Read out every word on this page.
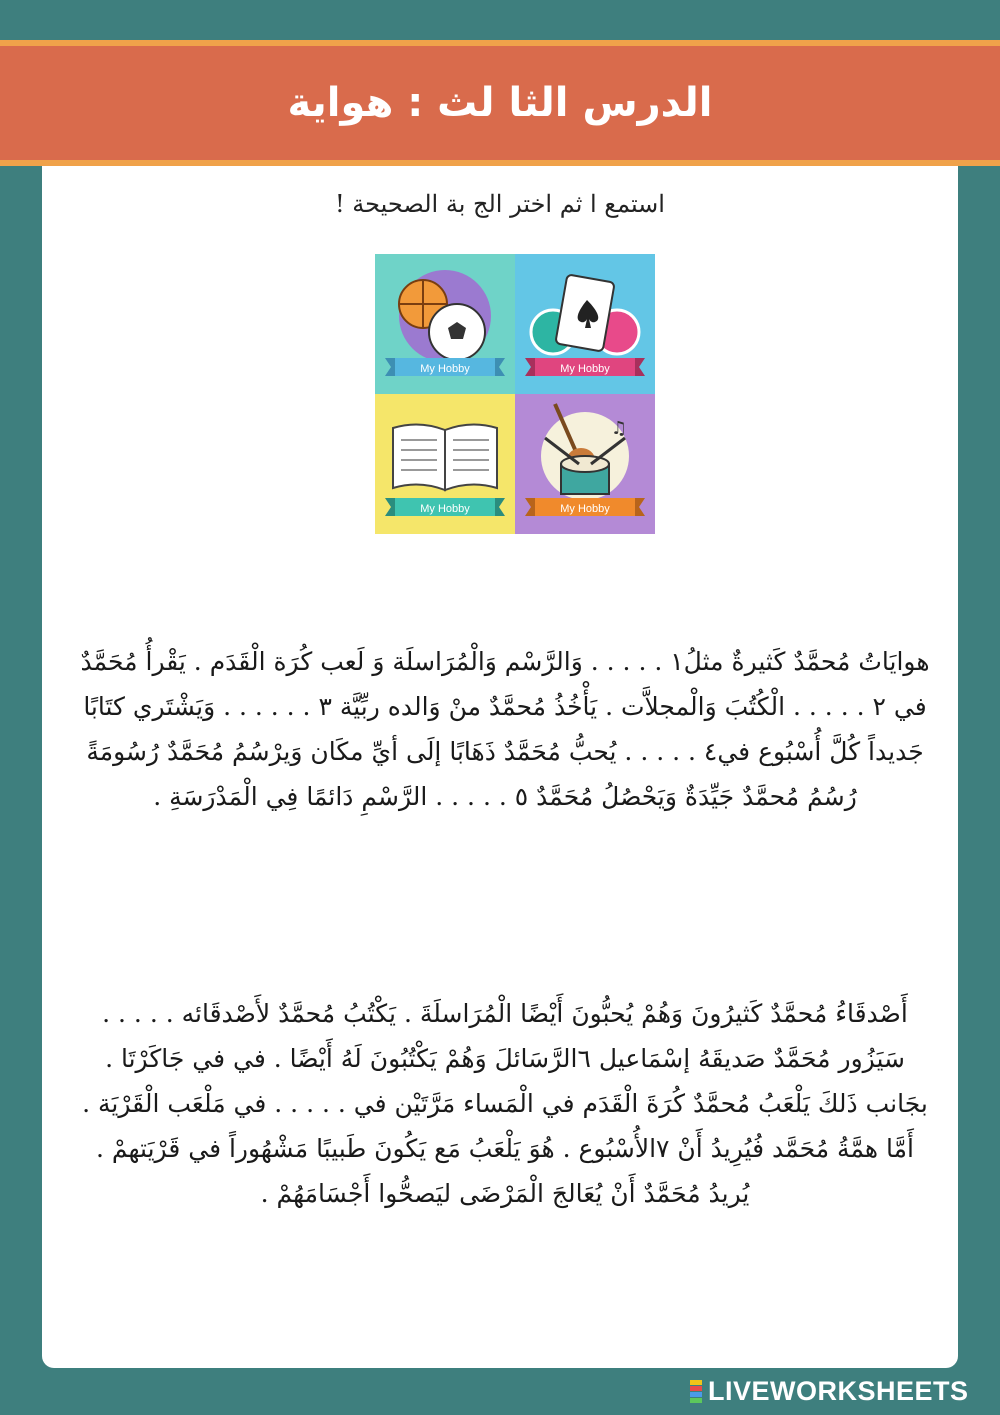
الدرس الثا لث : هواية
استمع ا ثم اختر الج بة الصحيحة !
My Hobby	My Hobby
My Hobby
♫
My Hobby

هوايَاتُ مُحمَّدٌ كَثيرةٌ مثلُ١ . . . . . وَالرَّسْم وَالْمُرَاسلَة وَ لَعب كُرَة الْقَدَم . يَقْرأُ مُحَمَّدٌ في ٢ . . . . . الْكُتُبَ وَالْمجلاَّت . يَأْخُذُ مُحمَّدٌ منْ وَالده ربِّيَّة ٣ . . . . . . وَيَشْتَري كتَابًا جَديداً كُلَّ أُسْبُوع في٤ . . . . . يُحبُّ مُحَمَّدٌ ذَهَابًا إلَى أيِّ مكَان وَيرْسُمُ مُحَمَّدٌ رُسُومَةً رُسُمُ مُحمَّدٌ جَيِّدَةٌ وَيَحْصُلُ مُحَمَّدٌ ٥ . . . . . الرَّسْمِ دَائمًا فِي الْمَدْرَسَةِ .

أَصْدقَاءُ مُحمَّدٌ كَثيرُونَ وَهُمْ يُحبُّونَ أَيْضًا الْمُرَاسلَةَ . يَكْتُبُ مُحمَّدٌ لأَصْدقَائه . . . . . سَيَزُور مُحَمَّدٌ صَديقَهُ إسْمَاعيل ٦الرَّسَائلَ وَهُمْ يَكْتُبُونَ لَهُ أَيْضًا . في في جَاكَرْتَا . بجَانب ذَلكَ يَلْعَبُ مُحمَّدٌ كُرَةَ الْقَدَم في الْمَساء مَرَّتَيْن في . . . . . في مَلْعَب الْقَرْيَة . أَمَّا همَّةُ مُحَمَّد فُيُرِيدُ أَنْ ٧الأُسْبُوع . هُوَ يَلْعَبُ مَع يَكُونَ طَبيبًا مَشْهُوراً في قَرْيَتهمْ . يُريدُ مُحَمَّدٌ أَنْ يُعَالجَ الْمَرْضَى ليَصحُّوا أَجْسَامَهُمْ .

LIVEWORKSHEETS
